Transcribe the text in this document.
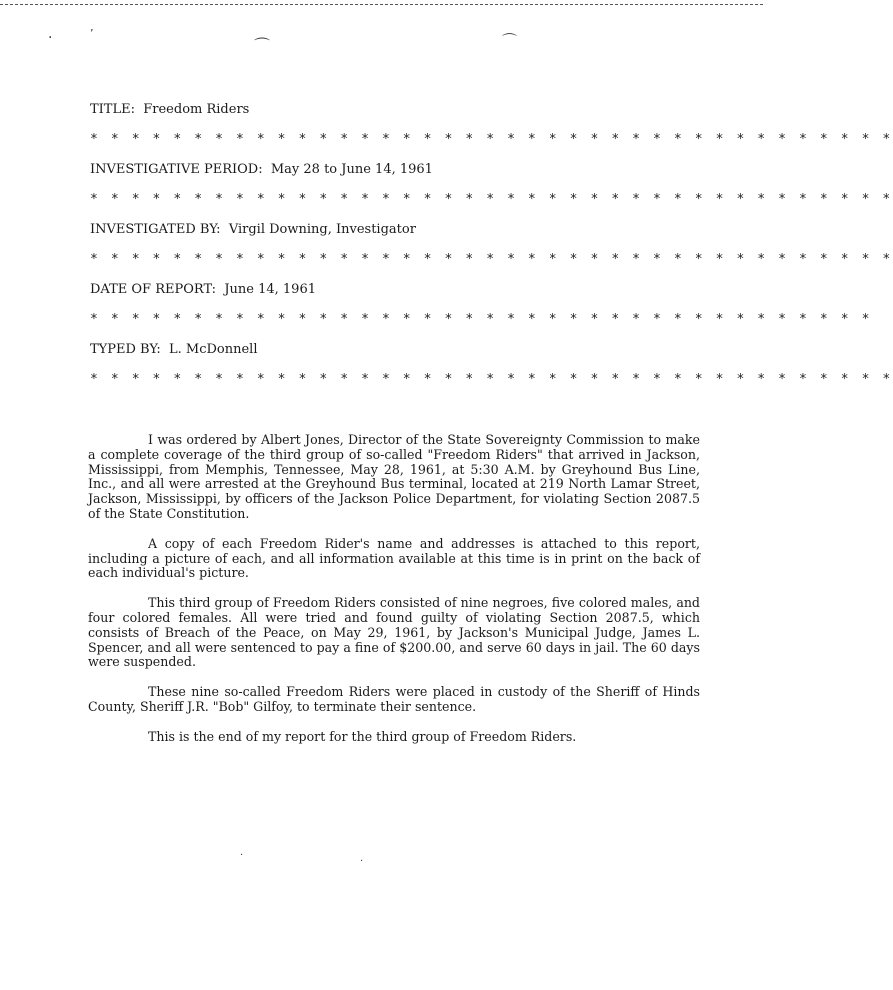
·	ʼ
⌒	⌒
·
·
TITLE: Freedom Riders
* * * * * * * * * * * * * * * * * * * * * * * * * * * * * * * * * * * * * * *
INVESTIGATIVE PERIOD: May 28 to June 14, 1961
* * * * * * * * * * * * * * * * * * * * * * * * * * * * * * * * * * * * * * *
INVESTIGATED BY: Virgil Downing, Investigator
* * * * * * * * * * * * * * * * * * * * * * * * * * * * * * * * * * * * * * *
DATE OF REPORT: June 14, 1961
* * * * * * * * * * * * * * * * * * * * * * * * * * * * * * * * * * * * * *
TYPED BY: L. McDonnell
* * * * * * * * * * * * * * * * * * * * * * * * * * * * * * * * * * * * * * *

I was ordered by Albert Jones, Director of the State Sovereignty Commission to make a complete coverage of the third group of so-called "Freedom Riders" that arrived in Jackson, Mississippi, from Memphis, Tennessee, May 28, 1961, at 5:30 A.M. by Greyhound Bus Line, Inc., and all were arrested at the Greyhound Bus terminal, located at 219 North Lamar Street, Jackson, Mississippi, by officers of the Jackson Police Department, for violating Section 2087.5 of the State Constitution.

A copy of each Freedom Rider's name and addresses is attached to this report, including a picture of each, and all information available at this time is in print on the back of each individual's picture.

This third group of Freedom Riders consisted of nine negroes, five colored males, and four colored females. All were tried and found guilty of violating Section 2087.5, which consists of Breach of the Peace, on May 29, 1961, by Jackson's Municipal Judge, James L. Spencer, and all were sentenced to pay a fine of $200.00, and serve 60 days in jail. The 60 days were suspended.

These nine so-called Freedom Riders were placed in custody of the Sheriff of Hinds County, Sheriff J.R. "Bob" Gilfoy, to terminate their sentence.

This is the end of my report for the third group of Freedom Riders.
